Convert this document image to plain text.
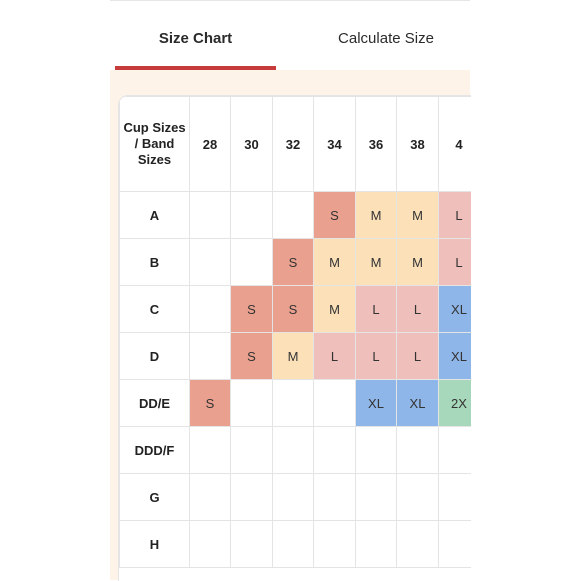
Size Chart	Calculate Size
Cup Sizes / Band Sizes	28	30	32	34	36	38	4
A				S	M	M	L
B			S	M	M	M	L
C		S	S	M	L	L	XL
D		S	M	L	L	L	XL
DD/E	S				XL	XL	2X
DDD/F							
G							
H							
